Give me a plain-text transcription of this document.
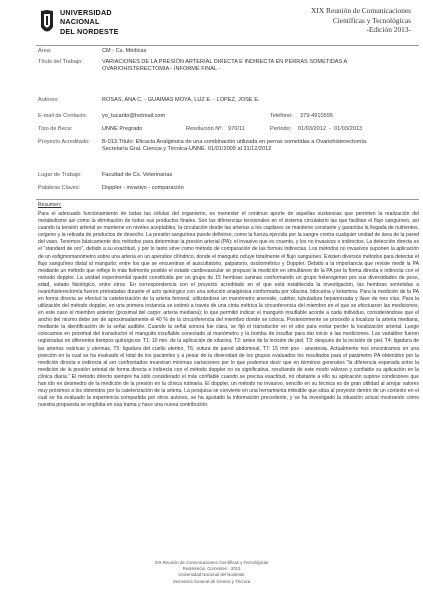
UNIVERSIDAD
NACIONAL
DEL NORDESTE
XIX Reunión de Comunicaciones
Científicas y Tecnológicas
-Edición 2013-
Área:	CM - Cs. Médicas
Título del Trabajo:	VARIACIONES DE LA PRESIÓN ARTERIAL DIRECTA E INDIRECTA EN PERRAS SOMETIDAS A OVARIOHISTERECTOMIA - INFORME FINAL -
Autores:	ROSAS, ANA C. - GUAIMAS MOYA, LUZ E. - LOPEZ, JOSE E.
E-mail de Contacto:	yo_tucarito@hotmail.com	Teléfono: 379-4910595
Tipo de Beca:	UNNE Pregrado	Resolución Nº: 970/11	Período: 01/03/2012  -  01/03/2013
Proyecto Acreditado: B-013.Título: Eficacia Analgésica de una combinación utilizada en perras sometidas a Ovariohisterectomía. Secretaría Gral. Ciencia y Técnica-UNNE. 01/01/2009 al 31/12/2012
Lugar de Trabajo:	Facultad de Cs. Veterinarias
Palabras Claves:	Doppler - invasivo - comparación
Resumen:
Para el adecuado funcionamiento de todas las células del organismo, es menester el continuo aporte de aquellas sustancias que permiten la realización del metabolismo así como la eliminación de todos sus productos finales. Son las diferencias tensionales en el sistema circulatorio las que facilitan el flujo sanguíneo, así cuando la tensión arterial se mantiene en niveles aceptables, la circulación desde las arterias a los capilares se mantiene constante y garantiza la llegada de nutrientes, oxígeno y la retirada de productos de desecho. La presión sanguínea puede definirse, como la fuerza ejercida por la sangre contra cualquier unidad de área de la pared del vaso. Tenemos básicamente dos métodos para determinar la presión arterial (PA): el invasivo que es cruento, y los no invasivos o indirectos. La detección directa es el "standard de oro", debido a su exactitud, y por lo tanto sirve como método de comparación de las formas indirectas. Los métodos no invasivos suponen la aplicación de un esfigmomanómetro sobre una arteria en un apéndice cilíndrico, donde el manguito ocluye totalmente el flujo sanguíneo. Existen diversos métodos para detectar el flujo sanguíneo distal al manguito; entre los que se encuentran el auscultatorio, palpatorio, oscilométrico y Doppler. Debido a la importancia que reviste medir la PA mediante un método que refleje lo más fielmente posible el estado cardiovascular se propuso la medición en simultáneo de la PA por la forma directa e indirecta con el método doppler. La unidad experimental quedó constituida por un grupo de 15 hembras caninas conformando un grupo heterogéneo por sus diversidades de peso, edad, estado fisiológico, entre otros. En correspondencia con el proyecto acreditado en el que está establecida la investigación, las hembras sometidas a ovariohisterectomía fueron pretratadas durante el acto quirúrgico con una solución analgésica conformada por xilacina, lidocaína y ketamina. Para la medición de la PA en forma directa se efectuó la cateterización de la arteria femoral, utilizándose un manómetro aneroide, catéter, tubuladura heparinizada y llave de tres vías. Para la utilización del método doppler, en una primera instancia se estimó a través de una cinta métrica la circunferencia del miembro en el que se efectuaron las mediciones, en este caso el miembro anterior (proximal del carpo: arteria mediana); lo que permitió indicar el manguito insuflable acorde a cada individuo, considerándose que el ancho del mismo debe ser de aproximadamente el 40 % de la circunferencia del miembro donde se coloca. Posteriormente se procedió a localizar la arteria mediana, mediante la identificación de la señal audible. Cuando la señal sonora fue clara, se fijó el transductor en el sitio para evitar perder la localización arterial. Luego colocamos en proximal del transductor el manguito insuflable conectado al manómetro y la bomba de insuflar para dar inicio a las mediciones. Las variables fueron registradas en diferentes tiempos quirúrgicos: T1: 10 min. de la aplicación de xilacina, T2: antes de la incisión de piel, T3: después de la incisión de piel, T4: ligadura de las arterias ováricas y uterinas, T5: ligadura del cuello uterino, T6: sutura de pared abdominal, T7: 15 min pos - anestesia. Actualmente nos encontramos en una posición en la cual se ha evaluado el total de los pacientes y a pesar de la diversidad de los grupos evaluados los resultados para el parámetro PA obtenidos por la medición directa e indirecta al ser confrontados muestran mínimas variaciones por lo que podemos decir que en términos generales "la diferencia esperada entre la medición de la presión arterial de forma directa e indirecta con el método doppler no es significativa, resultando de este modo válvoso y confiable su aplicación en la clínica diaria." El método directo siempre ha sido considerado el más confiable cuando se precisa exactitud, no obstante a ello su aplicación supone condiciones que han ido en desmedro de la medición de la presión en la clínica rutinaria. El doppler, un método no invasivo, sencillo en su técnica es de gran utilidad al arrojar valores muy próximos a los obtenidos por la cateterización de la arteria. La pesquisa se convierte en una herramienta imbuible que sitúa al proyecto dentro de un contexto en el cual se ha evaluado la experiencia compartida por otros autores, se ha ajustado la información precedente, y se ha investigado la situación actual mostrando cómo nuestra propuesta se engloba en esa trama y hace una nueva contribución.
XIX Reunión de Comunicaciones Científicas y Tecnológicas
Resistencia, Corrientes - 2013
Universidad Nacional del Nordeste
Secretaría General de Ciencia y Técnica
